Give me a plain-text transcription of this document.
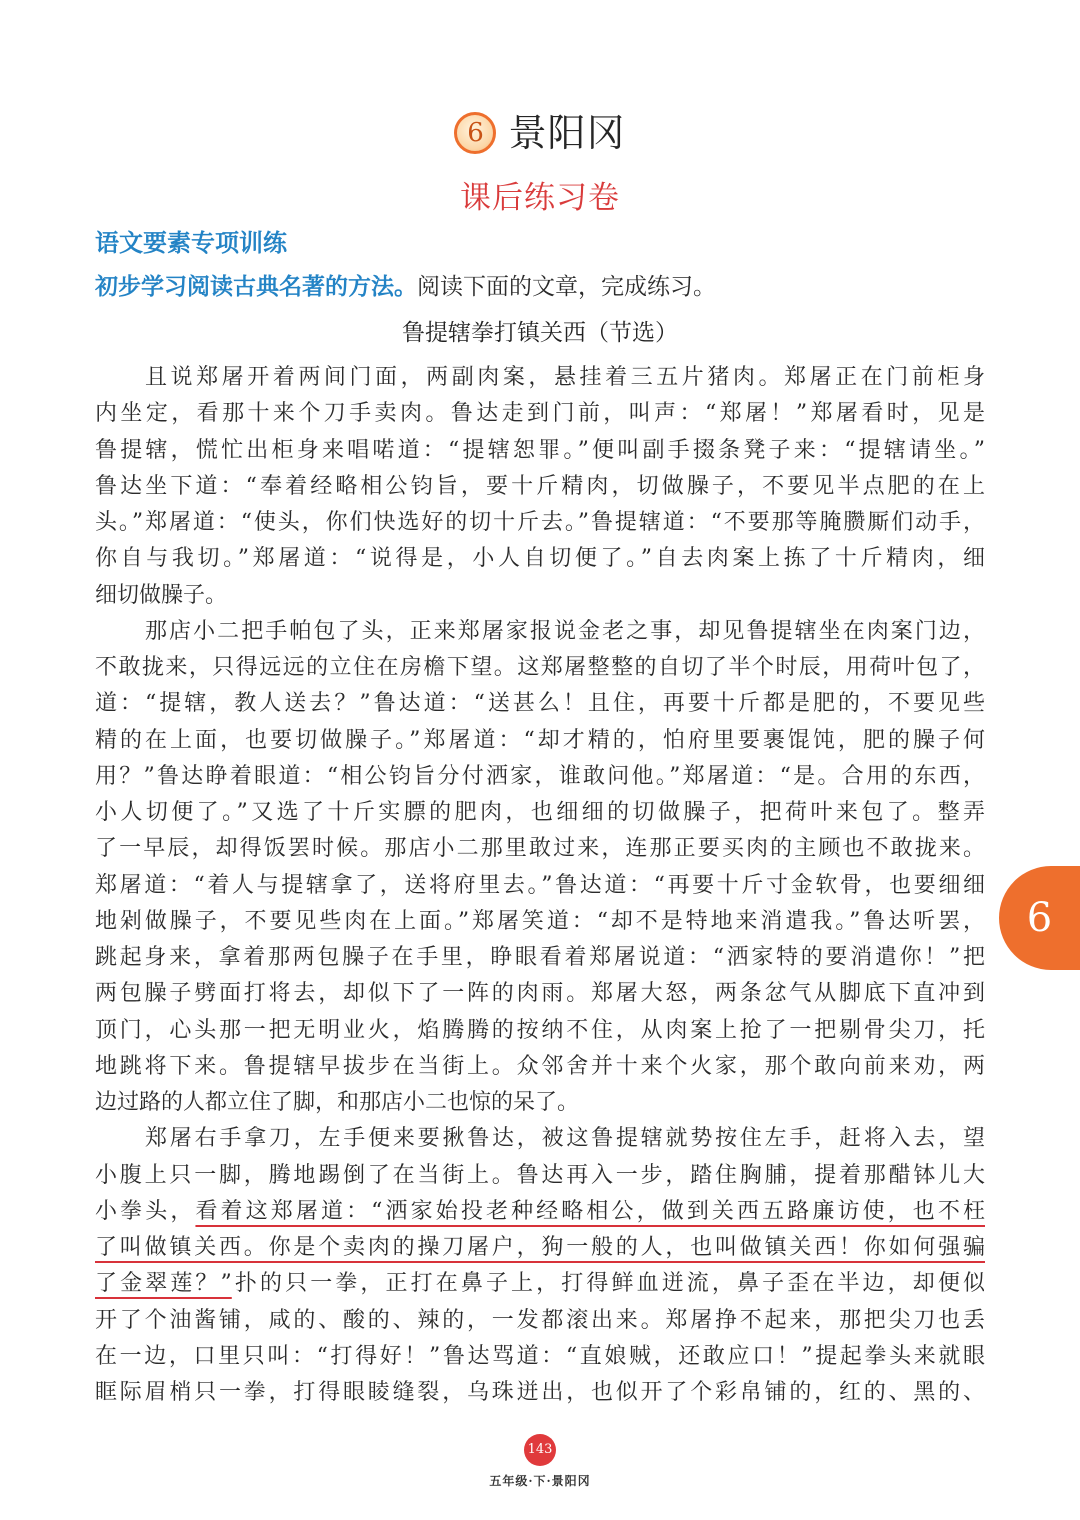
6 景阳冈
课后练习卷
语文要素专项训练
初步学习阅读古典名著的方法。阅读下面的文章，完成练习。
鲁提辖拳打镇关西（节选）
且说郑屠开着两间门面，两副肉案，悬挂着三五片猪肉。郑屠正在门前柜身
内坐定，看那十来个刀手卖肉。鲁达走到门前，叫声：“郑屠！”郑屠看时，见是
鲁提辖，慌忙出柜身来唱喏道：“提辖恕罪。”便叫副手掇条凳子来：“提辖请坐。”
鲁达坐下道：“奉着经略相公钧旨，要十斤精肉，切做臊子，不要见半点肥的在上
头。”郑屠道：“使头，你们快选好的切十斤去。”鲁提辖道：“不要那等腌臜厮们动手，
你自与我切。”郑屠道：“说得是，小人自切便了。”自去肉案上拣了十斤精肉，细
细切做臊子。
那店小二把手帕包了头，正来郑屠家报说金老之事，却见鲁提辖坐在肉案门边，
不敢拢来，只得远远的立住在房檐下望。这郑屠整整的自切了半个时辰，用荷叶包了，
道：“提辖，教人送去？”鲁达道：“送甚么！且住，再要十斤都是肥的，不要见些
精的在上面，也要切做臊子。”郑屠道：“却才精的，怕府里要裹馄饨，肥的臊子何
用？”鲁达睁着眼道：“相公钧旨分付洒家，谁敢问他。”郑屠道：“是。合用的东西，
小人切便了。”又选了十斤实膘的肥肉，也细细的切做臊子，把荷叶来包了。整弄
了一早辰，却得饭罢时候。那店小二那里敢过来，连那正要买肉的主顾也不敢拢来。
郑屠道：“着人与提辖拿了，送将府里去。”鲁达道：“再要十斤寸金软骨，也要细细
地剁做臊子，不要见些肉在上面。”郑屠笑道：“却不是特地来消遣我。”鲁达听罢，
跳起身来，拿着那两包臊子在手里，睁眼看着郑屠说道：“洒家特的要消遣你！”把
两包臊子劈面打将去，却似下了一阵的肉雨。郑屠大怒，两条忿气从脚底下直冲到
顶门，心头那一把无明业火，焰腾腾的按纳不住，从肉案上抢了一把剔骨尖刀，托
地跳将下来。鲁提辖早拔步在当街上。众邻舍并十来个火家，那个敢向前来劝，两
边过路的人都立住了脚，和那店小二也惊的呆了。
郑屠右手拿刀，左手便来要揪鲁达，被这鲁提辖就势按住左手，赶将入去，望
小腹上只一脚，腾地踢倒了在当街上。鲁达再入一步，踏住胸脯，提着那醋钵儿大
小拳头，看着这郑屠道：“洒家始投老种经略相公，做到关西五路廉访使，也不枉
了叫做镇关西。你是个卖肉的操刀屠户，狗一般的人，也叫做镇关西！你如何强骗
了金翠莲？”扑的只一拳，正打在鼻子上，打得鲜血迸流，鼻子歪在半边，却便似
开了个油酱铺，咸的、酸的、辣的，一发都滚出来。郑屠挣不起来，那把尖刀也丢
在一边，口里只叫：“打得好！”鲁达骂道：“直娘贼，还敢应口！”提起拳头来就眼
眶际眉梢只一拳，打得眼睖缝裂，乌珠迸出，也似开了个彩帛铺的，红的、黑的、
6
143
五年级·下·景阳冈
